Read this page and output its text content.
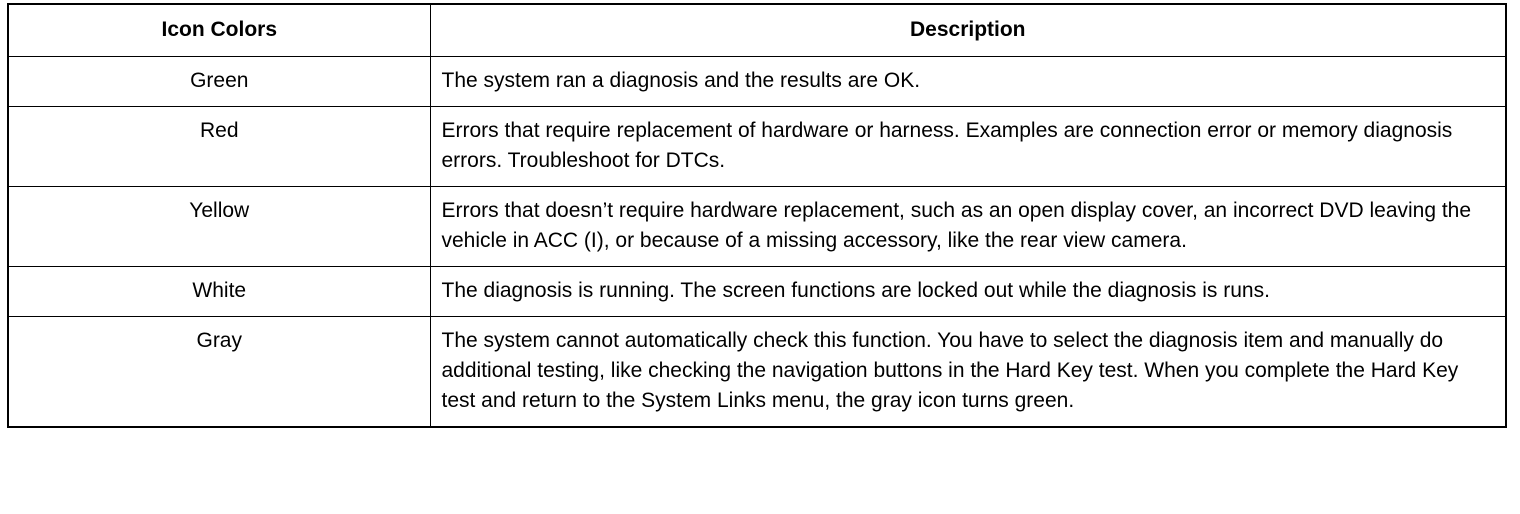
Icon Colors	Description
Green	The system ran a diagnosis and the results are OK.
Red	Errors that require replacement of hardware or harness. Examples are connection error or memory diagnosis errors. Troubleshoot for DTCs.
Yellow	Errors that doesn’t require hardware replacement, such as an open display cover, an incorrect DVD leaving the vehicle in ACC (I), or because of a missing accessory, like the rear view camera.
White	The diagnosis is running. The screen functions are locked out while the diagnosis is runs.
Gray	The system cannot automatically check this function. You have to select the diagnosis item and manually do additional testing, like checking the navigation buttons in the Hard Key test. When you complete the Hard Key test and return to the System Links menu, the gray icon turns green.
